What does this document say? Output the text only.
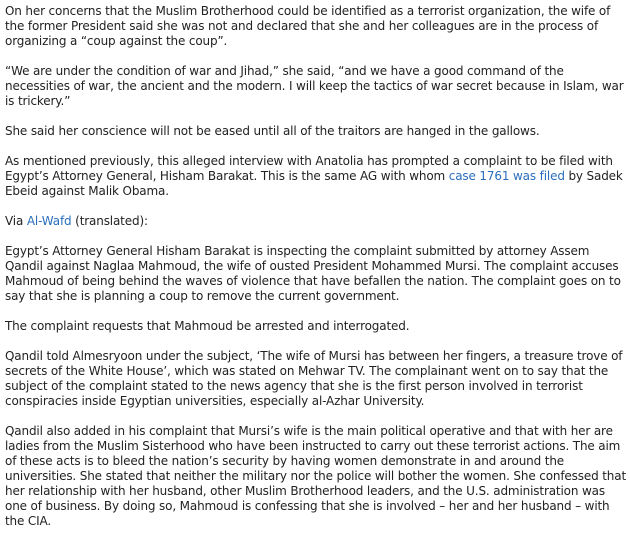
On her concerns that the Muslim Brotherhood could be identified as a terrorist organization, the wife of the former President said she was not and declared that she and her colleagues are in the process of organizing a “coup against the coup”.

“We are under the condition of war and Jihad,” she said, “and we have a good command of the necessities of war, the ancient and the modern. I will keep the tactics of war secret because in Islam, war is trickery.”

She said her conscience will not be eased until all of the traitors are hanged in the gallows.

As mentioned previously, this alleged interview with Anatolia has prompted a complaint to be filed with Egypt’s Attorney General, Hisham Barakat. This is the same AG with whom case 1761 was filed by Sadek Ebeid against Malik Obama.

Via Al-Wafd (translated):

Egypt’s Attorney General Hisham Barakat is inspecting the complaint submitted by attorney Assem Qandil against Naglaa Mahmoud, the wife of ousted President Mohammed Mursi. The complaint accuses Mahmoud of being behind the waves of violence that have befallen the nation. The complaint goes on to say that she is planning a coup to remove the current government.

The complaint requests that Mahmoud be arrested and interrogated.

Qandil told Almesryoon under the subject, ‘The wife of Mursi has between her fingers, a treasure trove of secrets of the White House’, which was stated on Mehwar TV. The complainant went on to say that the subject of the complaint stated to the news agency that she is the first person involved in terrorist conspiracies inside Egyptian universities, especially al-Azhar University.

Qandil also added in his complaint that Mursi’s wife is the main political operative and that with her are ladies from the Muslim Sisterhood who have been instructed to carry out these terrorist actions. The aim of these acts is to bleed the nation’s security by having women demonstrate in and around the universities. She stated that neither the military nor the police will bother the women. She confessed that her relationship with her husband, other Muslim Brotherhood leaders, and the U.S. administration was one of business. By doing so, Mahmoud is confessing that she is involved – her and her husband – with the CIA.
